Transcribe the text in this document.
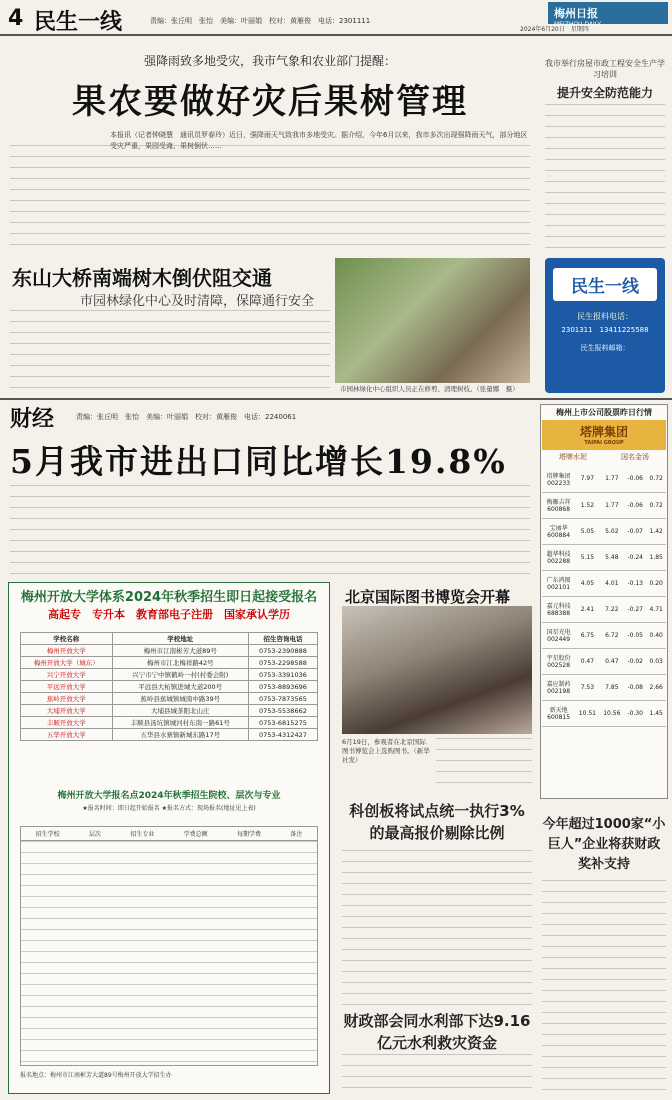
4 民生一线	责编：张丘明　张怡　美编：叶丽娟　校对：黄雁俊　电话：2301111
2024年6月20日　星期四
梅州日报
MEIZHOU DAILY
强降雨致多地受灾，我市气象和农业部门提醒：
果农要做好灾后果树管理
本报讯（记者钟晓慧　通讯员罗春玲）近日，强降雨天气致我市多地受灾。据介绍，今年6月以来，我市多次出现强降雨天气，部分地区受灾严重，果园受淹、果树倒伏……
东山大桥南端树木倒伏阻交通
市园林绿化中心及时清障，保障通行安全
市园林绿化中心组织人员正在修剪、清理树枝。（张量娜　摄）
我市举行房屋市政工程安全生产学习培训
提升安全防范能力
民生一线
民生报料电话：
2301311　13411225588
民生报料邮箱：
财经	责编：张丘明　张怡　美编：叶丽娟　校对：黄雁俊　电话：2240061
5月我市进出口同比增长19.8%
梅州开放大学体系2024年秋季招生即日起接受报名
高起专　专升本　教育部电子注册　国家承认学历
学校名称	学校地址	招生咨询电话
梅州开放大学	梅州市江南彬芳大道89号	0753-2390888
梅州开放大学（城东）	梅州市江北梅祥路42号	0753-2298588
兴宁开放大学	兴宁市宁中镇鹤岭一村(村委会附)	0753-3391036
平远开放大学	平远县大柘镇进城大道200号	0753-8893696
蕉岭开放大学	蕉岭县蕉城镇城南中路39号	0753-7873565
大埔开放大学	大埔县城茶阳北山庄	0753-5538662
丰顺开放大学	丰顺县汤坑镇城河村东南一路61号	0753-6815275
五华开放大学	五华县水寨镇新城东路17号	0753-4312427
梅州开放大学报名点2024年秋季招生院校、层次与专业
★报名时间：即日起开始报名 ★报名方式：现场报名(地址见上表)
招生学校	层次	招生专业	学费总额	每期学费	备注
报名地点：梅州市江南彬芳大道89号梅州开放大学招生办
北京国际图书博览会开幕
6月19日，参观者在北京国际图书博览会上选购图书。（新华社发）
科创板将试点统一执行3%的最高报价剔除比例
财政部会同水利部下达9.16亿元水利救灾资金
梅州上市公司股票昨日行情
塔牌集团
TAIPAI GROUP
塔牌水泥	国名金汤
塔牌集团
002233	7.97	1.77	-0.06	0.72
梅雁吉祥
600868	1.52	1.77	-0.06	0.72
宝丽华
600884	5.05	5.02	-0.07	1.42
超华科技
002288	5.15	5.48	-0.24	1.85
广东鸿图
002101	4.05	4.01	-0.13	0.20
嘉元科技
688388	2.41	7.22	-0.27	4.71
国星光电
002449	6.75	6.72	-0.05	0.40
宇星股份
002528	0.47	0.47	-0.02	0.03
嘉应制药
002198	7.53	7.85	-0.08	2.66
新天地
600815	10.51	10.56	-0.30	1.45
今年超过1000家“小巨人”企业将获财政奖补支持
